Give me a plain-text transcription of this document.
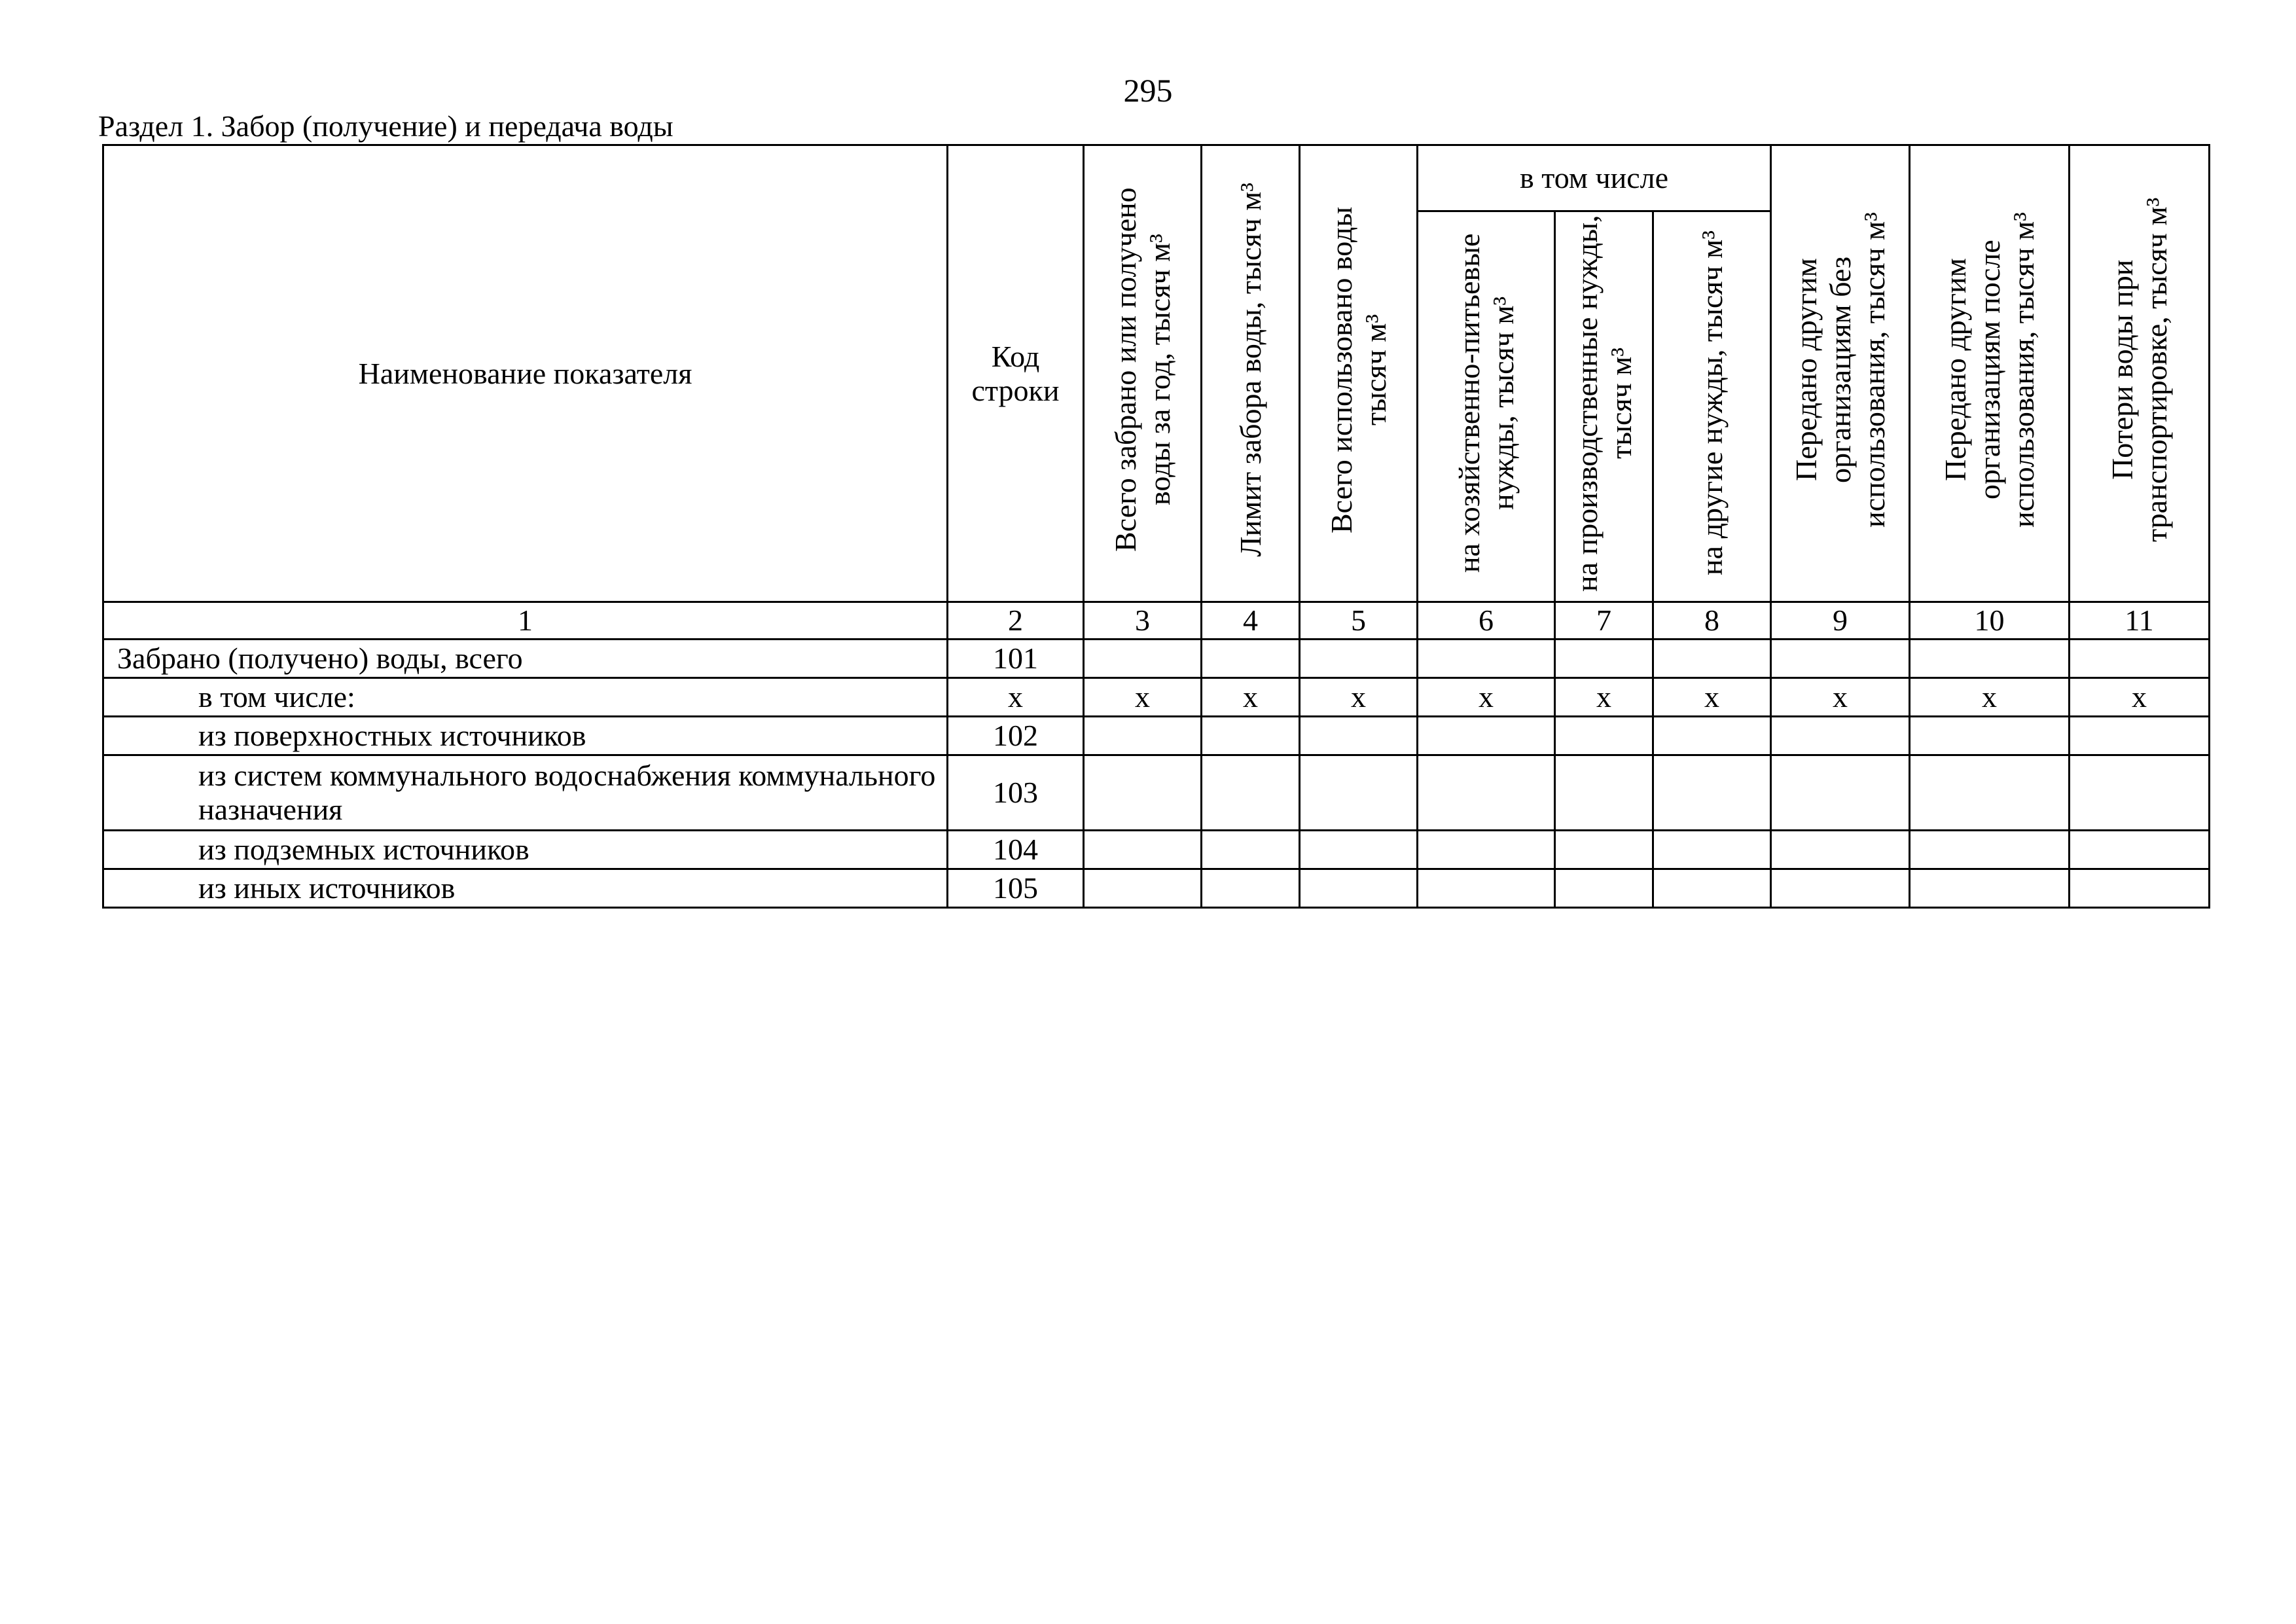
295
Раздел 1. Забор (получение) и передача воды
Наименование показателя	Код строки	Всего забрано или получено воды за год, тысяч м³	Лимит забора воды, тысяч м³	Всего использовано воды тысяч м³	в том числе			Передано другим организациям без использования, тысяч м³	Передано другим организациям после использования, тысяч м³	Потери воды при транспортировке, тысяч м³
					на хозяйственно-питьевые нужды, тысяч м³	на производственные нужды, тысяч м³	на другие нужды, тысяч м³			
1	2	3	4	5	6	7	8	9	10	11
Забрано (получено) воды, всего	101									
в том числе:	х	х	х	х	х	х	х	х	х	х
из поверхностных источников	102									
из систем коммунального водоснабжения коммунального назначения	103									
из подземных источников	104									
из иных источников	105									
